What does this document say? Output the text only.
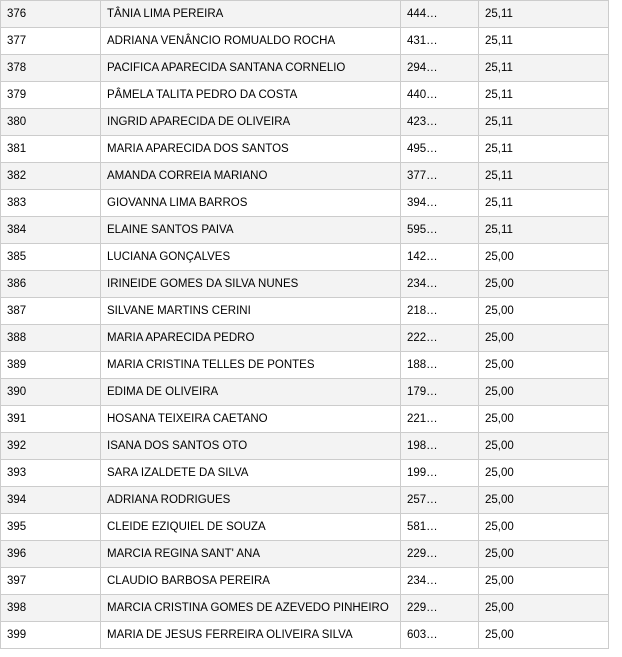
376	TÂNIA LIMA PEREIRA	444…	25,11
377	ADRIANA VENÂNCIO ROMUALDO ROCHA	431…	25,11
378	PACIFICA APARECIDA SANTANA CORNELIO	294…	25,11
379	PÂMELA TALITA PEDRO DA COSTA	440…	25,11
380	INGRID APARECIDA DE OLIVEIRA	423…	25,11
381	MARIA APARECIDA DOS SANTOS	495…	25,11
382	AMANDA CORREIA MARIANO	377…	25,11
383	GIOVANNA LIMA BARROS	394…	25,11
384	ELAINE SANTOS PAIVA	595…	25,11
385	LUCIANA GONÇALVES	142…	25,00
386	IRINEIDE GOMES DA SILVA NUNES	234…	25,00
387	SILVANE MARTINS CERINI	218…	25,00
388	MARIA APARECIDA PEDRO	222…	25,00
389	MARIA CRISTINA TELLES DE PONTES	188…	25,00
390	EDIMA DE OLIVEIRA	179…	25,00
391	HOSANA TEIXEIRA CAETANO	221…	25,00
392	ISANA DOS SANTOS OTO	198…	25,00
393	SARA IZALDETE DA SILVA	199…	25,00
394	ADRIANA RODRIGUES	257…	25,00
395	CLEIDE EZIQUIEL DE SOUZA	581…	25,00
396	MARCIA REGINA SANT' ANA	229…	25,00
397	CLAUDIO BARBOSA PEREIRA	234…	25,00
398	MARCIA CRISTINA GOMES DE AZEVEDO PINHEIRO	229…	25,00
399	MARIA DE JESUS FERREIRA OLIVEIRA SILVA	603…	25,00
